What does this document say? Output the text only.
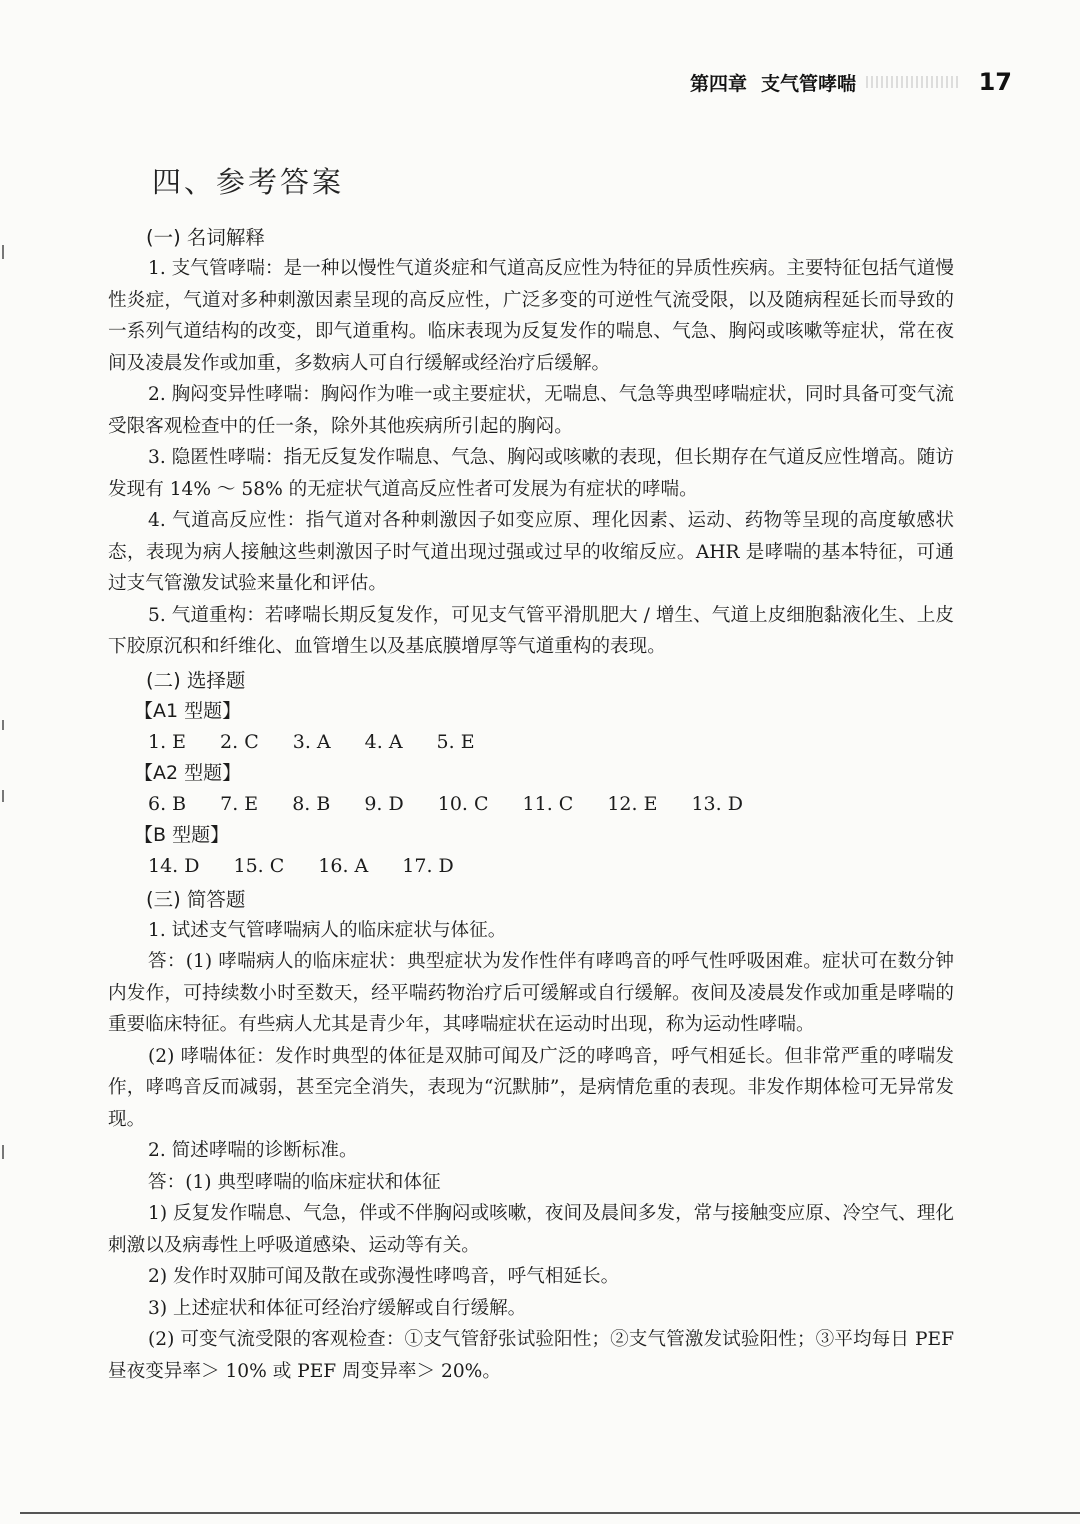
第四章 支气管哮喘	17
四、参考答案
(一) 名词解释

1. 支气管哮喘：是一种以慢性气道炎症和气道高反应性为特征的异质性疾病。主要特征包括气道慢性炎症，气道对多种刺激因素呈现的高反应性，广泛多变的可逆性气流受限，以及随病程延长而导致的一系列气道结构的改变，即气道重构。临床表现为反复发作的喘息、气急、胸闷或咳嗽等症状，常在夜间及凌晨发作或加重，多数病人可自行缓解或经治疗后缓解。

2. 胸闷变异性哮喘：胸闷作为唯一或主要症状，无喘息、气急等典型哮喘症状，同时具备可变气流受限客观检查中的任一条，除外其他疾病所引起的胸闷。

3. 隐匿性哮喘：指无反复发作喘息、气急、胸闷或咳嗽的表现，但长期存在气道反应性增高。随访发现有 14% ～ 58% 的无症状气道高反应性者可发展为有症状的哮喘。

4. 气道高反应性：指气道对各种刺激因子如变应原、理化因素、运动、药物等呈现的高度敏感状态，表现为病人接触这些刺激因子时气道出现过强或过早的收缩反应。AHR 是哮喘的基本特征，可通过支气管激发试验来量化和评估。

5. 气道重构：若哮喘长期反复发作，可见支气管平滑肌肥大 / 增生、气道上皮细胞黏液化生、上皮下胶原沉积和纤维化、血管增生以及基底膜增厚等气道重构的表现。

(二) 选择题
【A1 型题】
1. E 2. C 3. A 4. A 5. E
【A2 型题】
6. B 7. E 8. B 9. D 10. C 11. C 12. E 13. D
【B 型题】
14. D 15. C 16. A 17. D
(三) 简答题

1. 试述支气管哮喘病人的临床症状与体征。

答：(1) 哮喘病人的临床症状：典型症状为发作性伴有哮鸣音的呼气性呼吸困难。症状可在数分钟内发作，可持续数小时至数天，经平喘药物治疗后可缓解或自行缓解。夜间及凌晨发作或加重是哮喘的重要临床特征。有些病人尤其是青少年，其哮喘症状在运动时出现，称为运动性哮喘。

(2) 哮喘体征：发作时典型的体征是双肺可闻及广泛的哮鸣音，呼气相延长。但非常严重的哮喘发作，哮鸣音反而减弱，甚至完全消失，表现为“沉默肺”，是病情危重的表现。非发作期体检可无异常发现。

2. 简述哮喘的诊断标准。

答：(1) 典型哮喘的临床症状和体征

1) 反复发作喘息、气急，伴或不伴胸闷或咳嗽，夜间及晨间多发，常与接触变应原、冷空气、理化刺激以及病毒性上呼吸道感染、运动等有关。

2) 发作时双肺可闻及散在或弥漫性哮鸣音，呼气相延长。

3) 上述症状和体征可经治疗缓解或自行缓解。

(2) 可变气流受限的客观检查：①支气管舒张试验阳性；②支气管激发试验阳性；③平均每日 PEF 昼夜变异率＞ 10% 或 PEF 周变异率＞ 20%。
